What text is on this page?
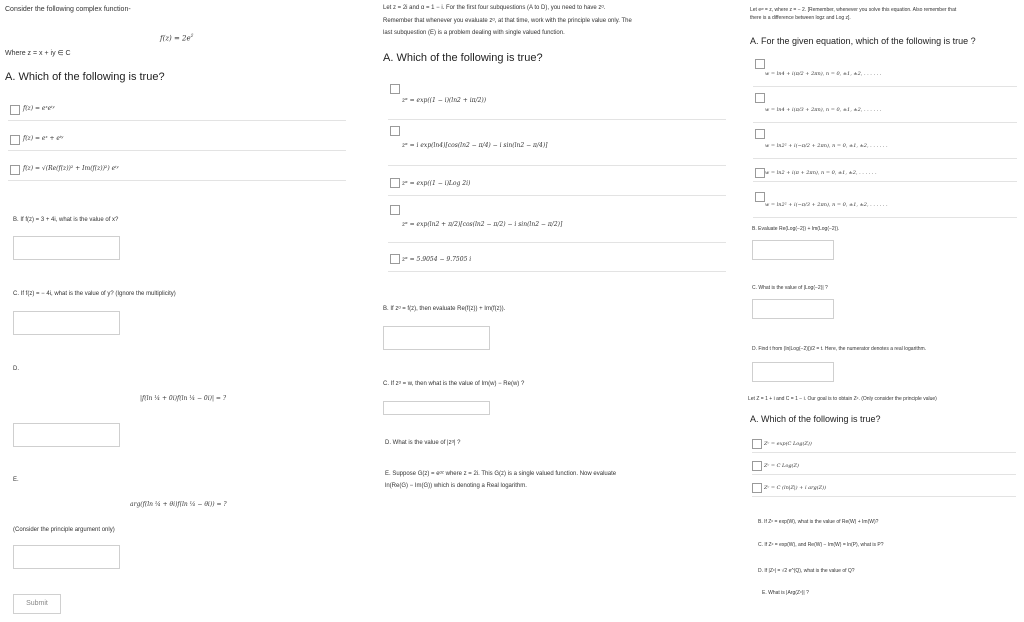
Consider the following complex function-
$f(z) = 2e^{z̄}$
Where z = x + iy ∈ C
A. Which of the following is true?
f(z) = eˣeⁱʸ
f(z) = eˣ + eⁱʸ
f(z) = √(Re(f(z))² + Im(f(z))²) eⁱʸ
B. If f(z) = 3 + 4i, what is the value of x?
C. If f(z) = − 4i, what is the value of y? (Ignore the multiplicity)
D.
|f(ln ¼ + 0i)f(ln ¼ − 0i)| = ?
E.
arg(f(ln ¼ + θi)f(ln ¼ − θi)) = ?
(Consider the principle argument only)
Submit
Let z = 2i and α = 1 − i. For the first four subquestions (A to D), you need to have zᵅ.
Remember that whenever you evaluate zᵅ, at that time, work with the principle value only. The
last subquestion (E) is a problem dealing with single valued function.
A. Which of the following is true?
zᵅ = exp((1 − i)(ln2 + iπ/2))
zᵅ = i exp(ln4)[cos(ln2 − π/4) − i sin(ln2 − π/4)]
zᵅ = exp((1 − i)Log 2i)
zᵅ = exp(ln2 + π/2)[cos(ln2 − π/2) − i sin(ln2 − π/2)]
zᵅ = 5.9054 − 9.7505 i
B. If zᵅ = f(z), then evaluate Re(f(z)) + Im(f(z)).
C. If zᵅ = w, then what is the value of Im(w) − Re(w) ?
D. What is the value of |zᵅ| ?
E. Suppose G(z) = eᵅᶻ where z = 2i. This G(z) is a single valued function. Now evaluate
ln(Re(G) − Im(G)) which is denoting a Real logarithm.
Let eʷ = z, where z = − 2. [Remember, whenever you solve this equation. Also remember that
there is a difference between logz and Log z].
A. For the given equation, which of the following is true ?
w = ln4 + i(π/2 + 2πn), n = 0, ±1, ±2, . . . . . .
w = ln4 + i(π/3 + 2πn), n = 0, ±1, ±2, . . . . . .
w = ln2² + i(−π/2 + 2πn), n = 0, ±1, ±2, . . . . . .
w = ln2 + i(π + 2πn), n = 0, ±1, ±2, . . . . . .
w = ln2² + i(−π/3 + 2πn), n = 0, ±1, ±2, . . . . . .
B. Evaluate Re(Log(−2)) + Im(Log(−2)).
C. What is the value of |Log(−2)| ?
D. Find t from (ln|Log(−2)|)/2 = t. Here, the numerator denotes a real logarithm.
Let Z = 1 + i and C = 1 − i. Our goal is to obtain Zᶜ. (Only consider the principle value)
A. Which of the following is true?
Zᶜ = exp(C Log(Z))
Zᶜ = C Log(Z)
Zᶜ = C (ln|Z|) + i arg(Z))
B. If Zᶜ = exp(W), what is the value of Re(W) + Im(W)?
C. If Zᶜ = exp(W), and Re(W) − Im(W) = ln(P), what is P?
D. If |Zᶜ| = √2 e^(Q), what is the value of Q?
E. What is |Arg(Zᶜ)| ?
